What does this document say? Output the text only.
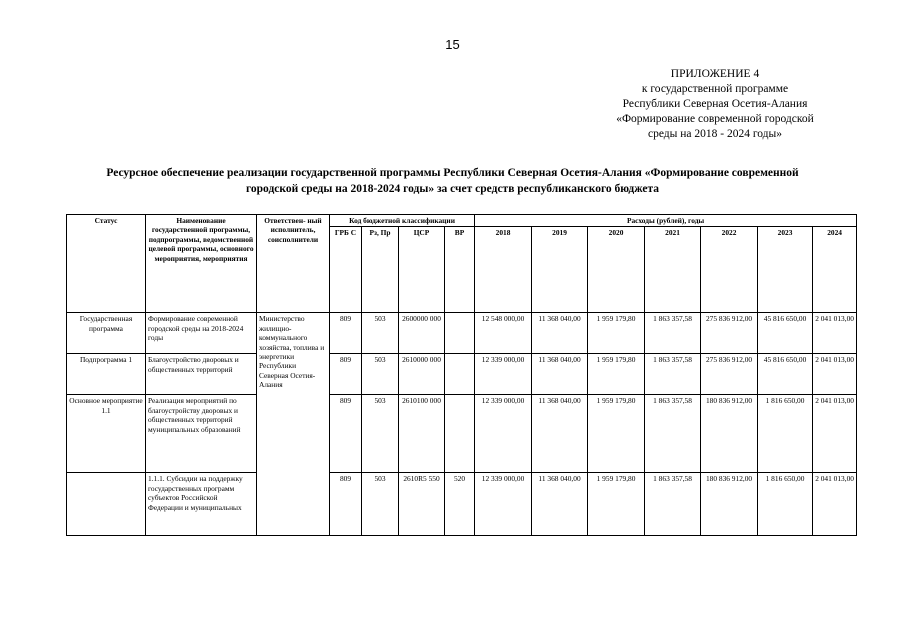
15
ПРИЛОЖЕНИЕ 4
к государственной программе
Республики Северная Осетия-Алания
«Формирование современной городской
среды на 2018 - 2024 годы»
Ресурсное обеспечение реализации государственной программы Республики Северная Осетия-Алания «Формирование современной
городской среды на 2018-2024 годы» за счет средств республиканского бюджета
Статус	Наименование государственной программы, подпрограммы, ведомственной целевой программы, основного мероприятия, мероприятия	Ответствен- ный исполнитель, соисполнители	Код бюджетной классификации				Расходы (рублей), годы						
			ГРБ С	Рз, Пр	ЦСР	ВР	2018	2019	2020	2021	2022	2023	2024
Государственная программа	Формирование современной городской среды на 2018-2024 годы	Министерство жилищно- коммунального хозяйства, топлива и энергетики Республики Северная Осетия-Алания	809	503	2600000 000		12 548 000,00	11 368 040,00	1 959 179,80	1 863 357,58	275 836 912,00	45 816 650,00	2 041 013,00
Подпрограмма 1	Благоустройство дворовых и общественных территорий		809	503	2610000 000		12 339 000,00	11 368 040,00	1 959 179,80	1 863 357,58	275 836 912,00	45 816 650,00	2 041 013,00
Основное мероприятие 1.1	Реализация мероприятий по благоустройству дворовых и общественных территорий муниципальных образований		809	503	2610100 000		12 339 000,00	11 368 040,00	1 959 179,80	1 863 357,58	180 836 912,00	1 816 650,00	2 041 013,00
	1.1.1. Субсидии на поддержку государственных программ субъектов Российской Федерации и муниципальных		809	503	2610R5 550	520	12 339 000,00	11 368 040,00	1 959 179,80	1 863 357,58	180 836 912,00	1 816 650,00	2 041 013,00
